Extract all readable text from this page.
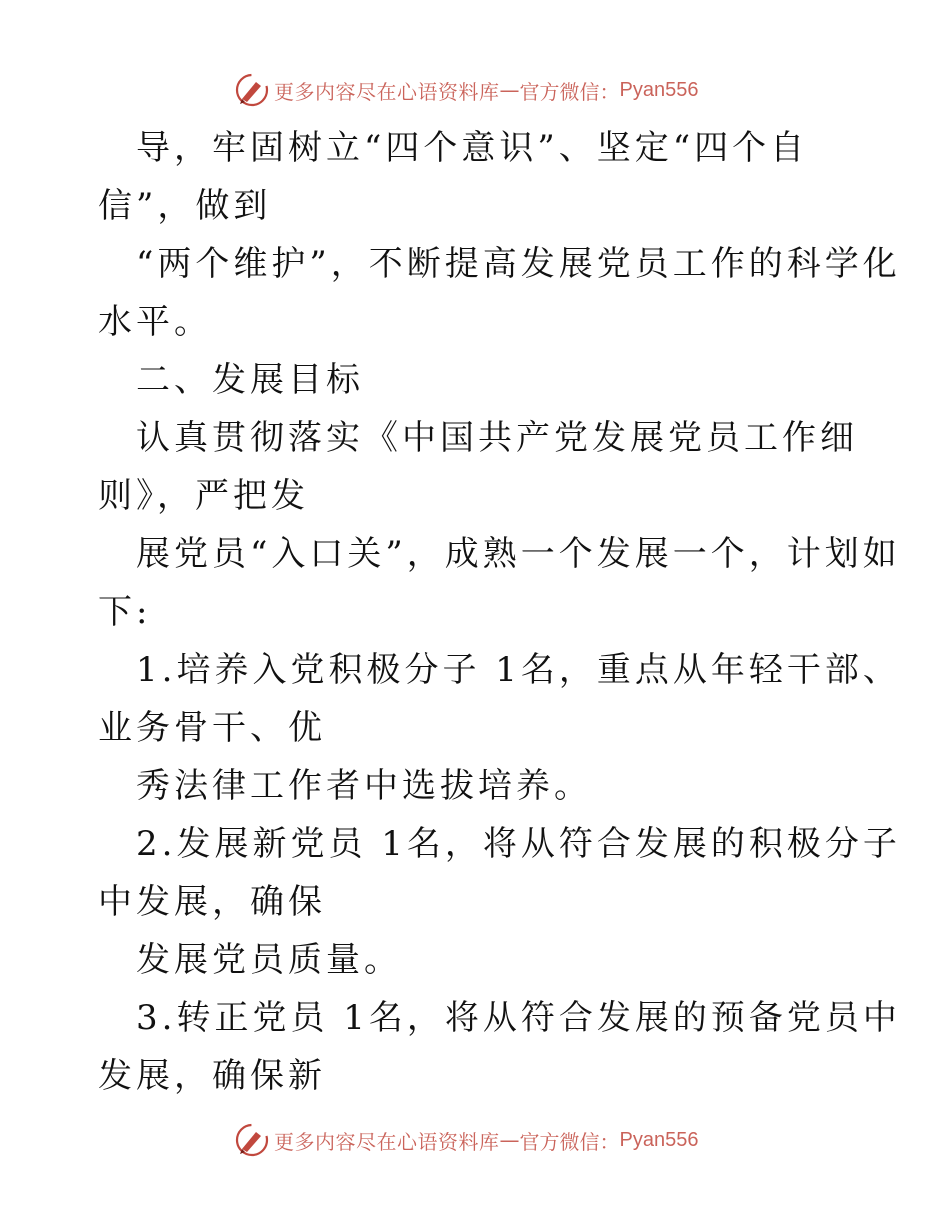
更多内容尽在心语资料库 — 官方微信： Pyan556
导，牢固树立“四个意识”、坚定“四个自
信”，做到
“两个维护”，不断提高发展党员工作的科学化
水平。
二、发展目标
认真贯彻落实《中国共产党发展党员工作细
则》，严把发
展党员“入口关”，成熟一个发展一个，计划如
下:
1.培养入党积极分子 1名，重点从年轻干部、
业务骨干、优
秀法律工作者中选拔培养。
2.发展新党员 1名，将从符合发展的积极分子
中发展，确保
发展党员质量。
3.转正党员 1名，将从符合发展的预备党员中
发展，确保新
更多内容尽在心语资料库 — 官方微信： Pyan556
